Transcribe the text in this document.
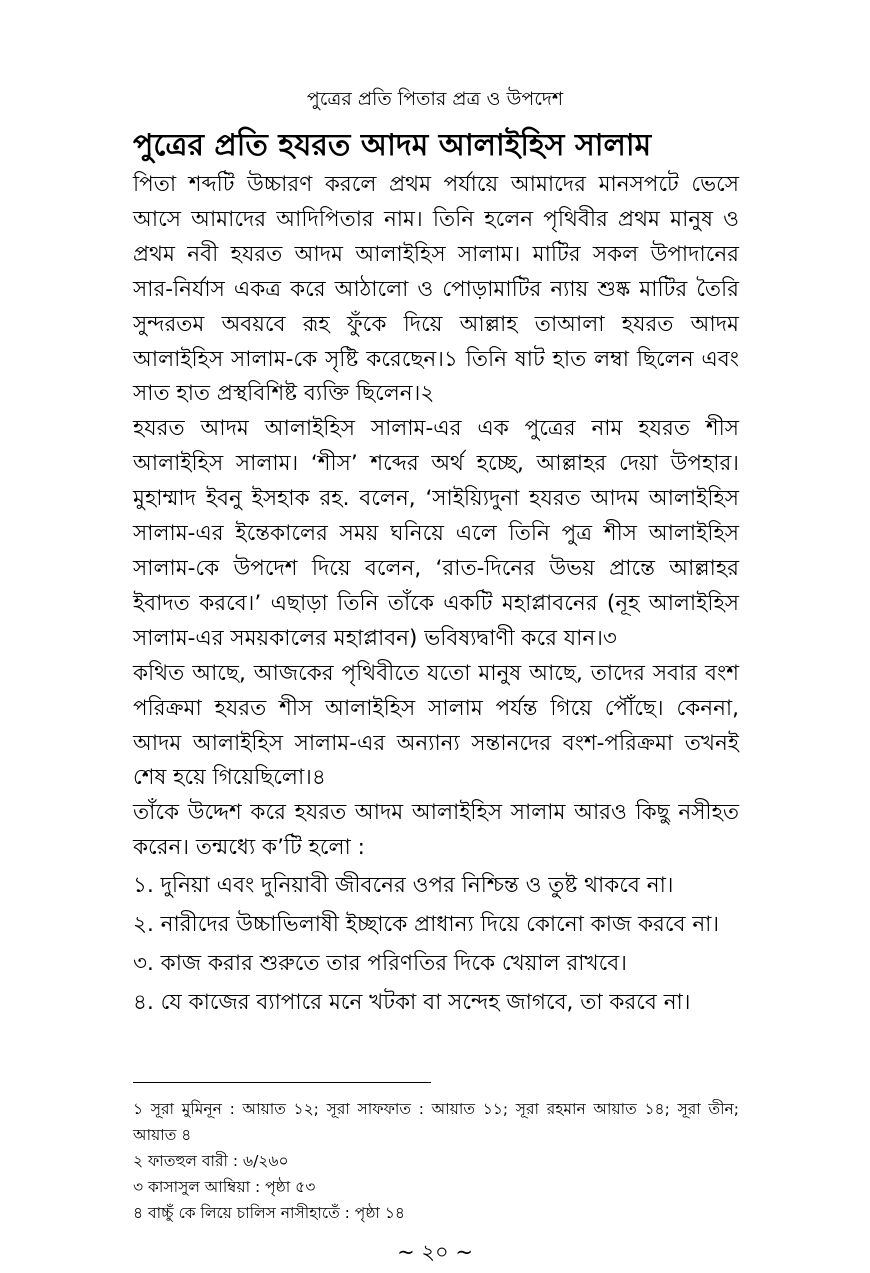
পুত্রের প্রতি পিতার প্রত্র ও উপদেশ
পুত্রের প্রতি হযরত আদম আলাইহিস সালাম

পিতা শব্দটি উচ্চারণ করলে প্রথম পর্যায়ে আমাদের মানসপটে ভেসে আসে আমাদের আদিপিতার নাম। তিনি হলেন পৃথিবীর প্রথম মানুষ ও প্রথম নবী হযরত আদম আলাইহিস সালাম। মাটির সকল উপাদানের সার-নির্যাস একত্র করে আঠালো ও পোড়ামাটির ন্যায় শুষ্ক মাটির তৈরি সুন্দরতম অবয়বে রূহ ফুঁকে দিয়ে আল্লাহ তাআলা হযরত আদম আলাইহিস সালাম-কে সৃষ্টি করেছেন।১ তিনি ষাট হাত লম্বা ছিলেন এবং সাত হাত প্রস্থবিশিষ্ট ব্যক্তি ছিলেন।২

হযরত আদম আলাইহিস সালাম-এর এক পুত্রের নাম হযরত শীস আলাইহিস সালাম। ‘শীস’ শব্দের অর্থ হচ্ছে, আল্লাহর দেয়া উপহার। মুহাম্মাদ ইবনু ইসহাক রহ. বলেন, ‘সাইয়্যিদুনা হযরত আদম আলাইহিস সালাম-এর ইন্তেকালের সময় ঘনিয়ে এলে তিনি পুত্র শীস আলাইহিস সালাম-কে উপদেশ দিয়ে বলেন, ‘রাত-দিনের উভয় প্রান্তে আল্লাহর ইবাদত করবে।’ এছাড়া তিনি তাঁকে একটি মহাপ্লাবনের (নূহ আলাইহিস সালাম-এর সময়কালের মহাপ্লাবন) ভবিষ্যদ্বাণী করে যান।৩

কথিত আছে, আজকের পৃথিবীতে যতো মানুষ আছে, তাদের সবার বংশ পরিক্রমা হযরত শীস আলাইহিস সালাম পর্যন্ত গিয়ে পৌঁছে। কেননা, আদম আলাইহিস সালাম-এর অন্যান্য সন্তানদের বংশ-পরিক্রমা তখনই শেষ হয়ে গিয়েছিলো।৪

তাঁকে উদ্দেশ করে হযরত আদম আলাইহিস সালাম আরও কিছু নসীহত করেন। তন্মধ্যে ক’টি হলো :

১. দুনিয়া এবং দুনিয়াবী জীবনের ওপর নিশ্চিন্ত ও তুষ্ট থাকবে না।

২. নারীদের উচ্চাভিলাষী ইচ্ছাকে প্রাধান্য দিয়ে কোনো কাজ করবে না।

৩. কাজ করার শুরুতে তার পরিণতির দিকে খেয়াল রাখবে।

৪. যে কাজের ব্যাপারে মনে খটকা বা সন্দেহ জাগবে, তা করবে না।

১ সূরা মুমিনূন : আয়াত ১২; সূরা সাফফাত : আয়াত ১১; সূরা রহমান আয়াত ১৪; সূরা তীন; আয়াত ৪

২ ফাতহুল বারী : ৬/২৬০

৩ কাসাসুল আম্বিয়া : পৃষ্ঠা ৫৩

৪ বাচ্চুঁ কে লিয়ে চালিস নাসীহাতেঁ : পৃষ্ঠা ১৪

~ ২০ ~
